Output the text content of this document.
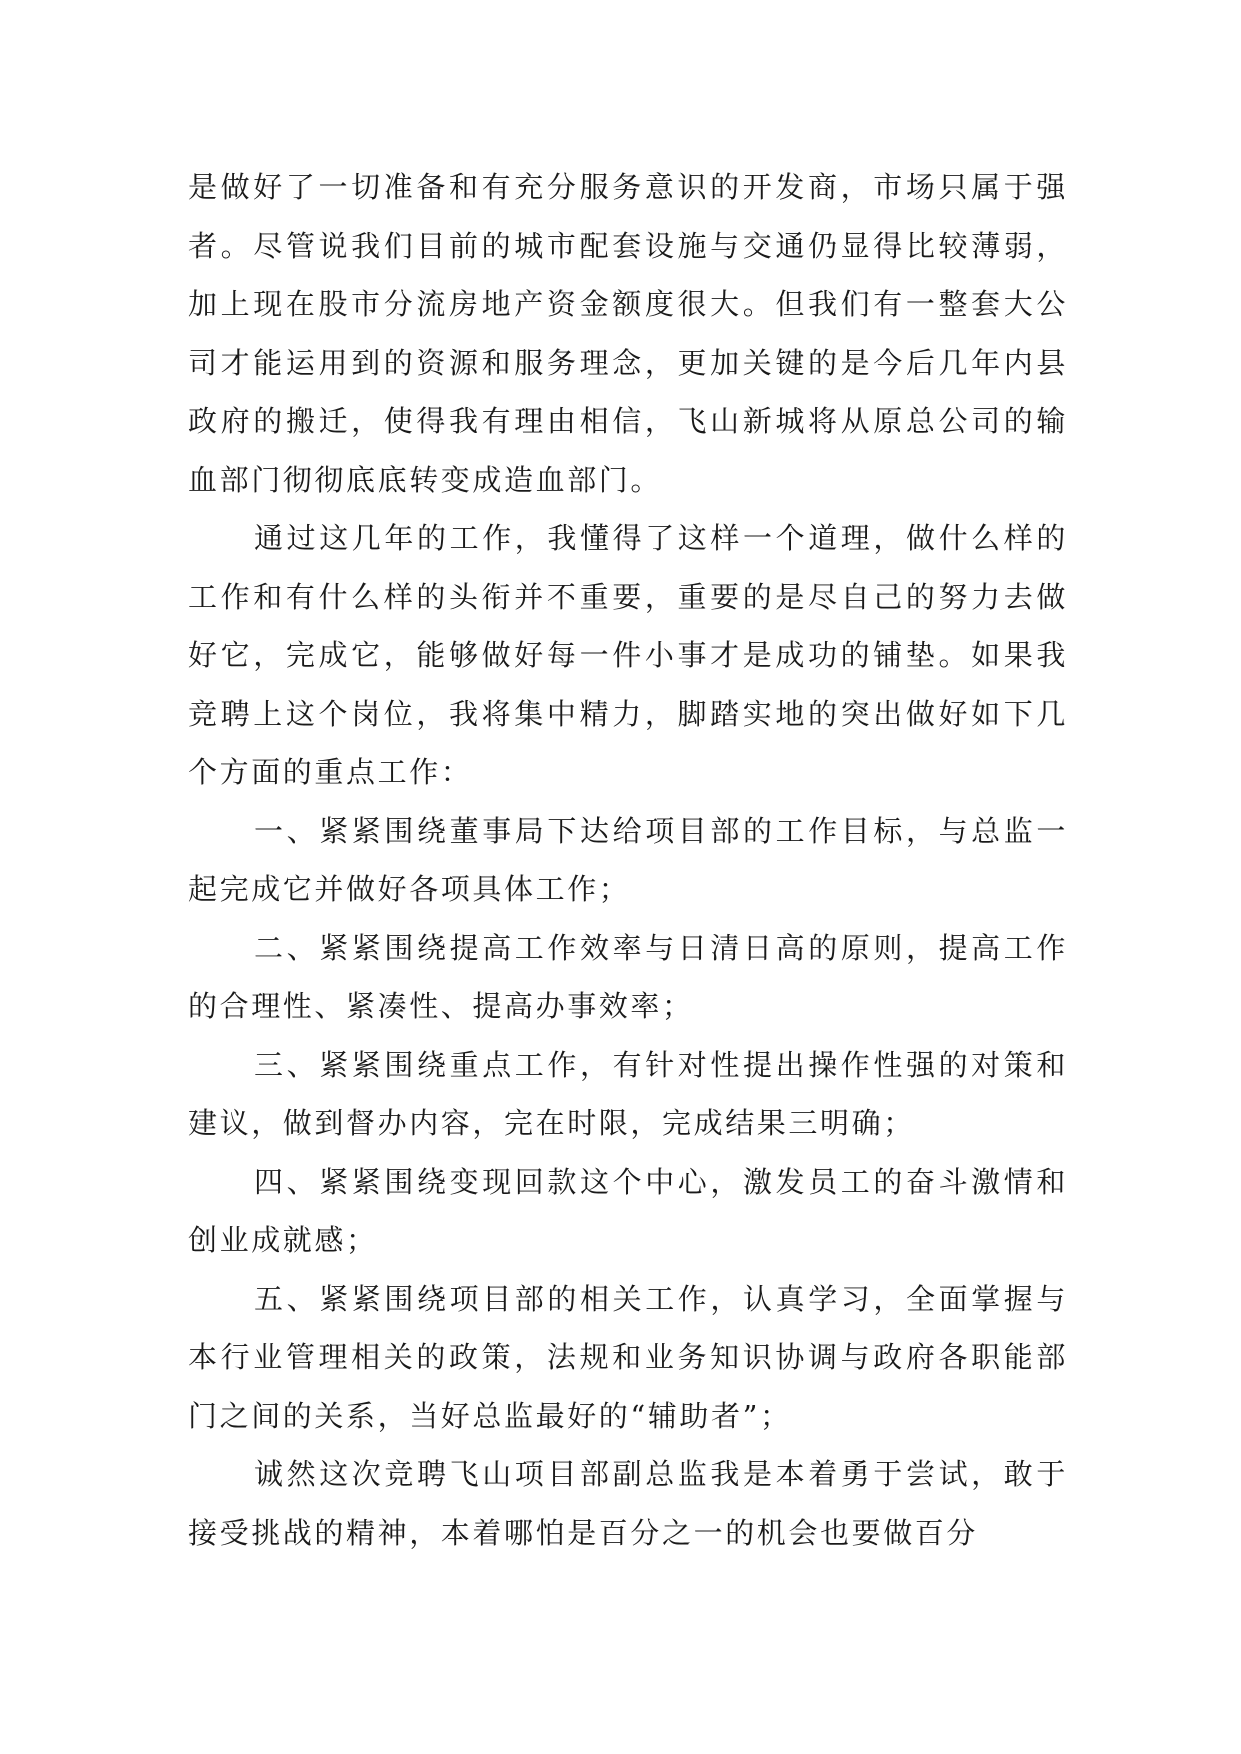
是做好了一切准备和有充分服务意识的开发商，市场只属于强者。尽管说我们目前的城市配套设施与交通仍显得比较薄弱，加上现在股市分流房地产资金额度很大。但我们有一整套大公司才能运用到的资源和服务理念，更加关键的是今后几年内县政府的搬迁，使得我有理由相信，飞山新城将从原总公司的输血部门彻彻底底转变成造血部门。

通过这几年的工作，我懂得了这样一个道理，做什么样的工作和有什么样的头衔并不重要，重要的是尽自己的努力去做好它，完成它，能够做好每一件小事才是成功的铺垫。如果我竞聘上这个岗位，我将集中精力，脚踏实地的突出做好如下几个方面的重点工作：

一、紧紧围绕董事局下达给项目部的工作目标，与总监一起完成它并做好各项具体工作；

二、紧紧围绕提高工作效率与日清日高的原则，提高工作的合理性、紧凑性、提高办事效率；

三、紧紧围绕重点工作，有针对性提出操作性强的对策和建议，做到督办内容，完在时限，完成结果三明确；

四、紧紧围绕变现回款这个中心，激发员工的奋斗激情和创业成就感；

五、紧紧围绕项目部的相关工作，认真学习，全面掌握与本行业管理相关的政策，法规和业务知识协调与政府各职能部门之间的关系，当好总监最好的“辅助者”；

诚然这次竞聘飞山项目部副总监我是本着勇于尝试，敢于接受挑战的精神，本着哪怕是百分之一的机会也要做百分
